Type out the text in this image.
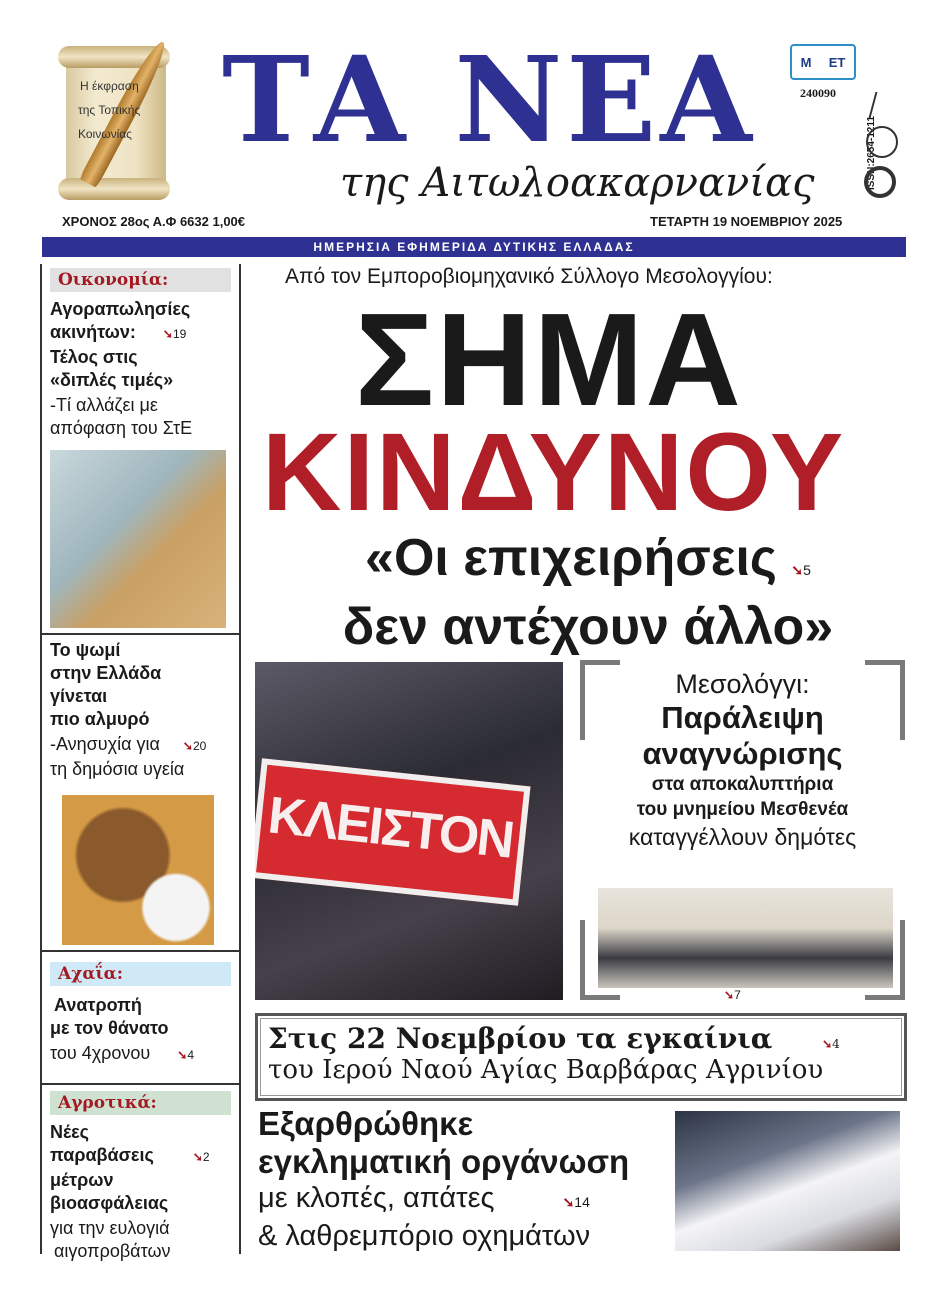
Η έκφραση
της Τοπικής
Κοινωνίας ΤΑ ΝΕΑ
της Αιτωλοακαρνανίας
M ET
240090
ISSN:2654-1211
ΧΡΟΝΟΣ 28ος Α.Φ 6632 1,00€	ΤΕΤΑΡΤΗ 19 ΝΟΕΜΒΡΙΟΥ 2025
ΗΜΕΡΗΣΙΑ ΕΦΗΜΕΡΙΔΑ ΔΥΤΙΚΗΣ ΕΛΛΑΔΑΣ
Οικονομία:
Αγοραπωλησίες
ακινήτων: ➘19
Τέλος στις
«διπλές τιμές»
-Τί αλλάζει με
απόφαση του ΣτΕ
Το ψωμί
στην Ελλάδα
γίνεται
πιο αλμυρό
-Ανησυχία για ➘20
τη δημόσια υγεία
Αχαΐα:
Ανατροπή
με τον θάνατο
του 4χρονου ➘4
Αγροτικά:
Νέες
παραβάσεις	➘2
μέτρων
βιοασφάλειας
για την ευλογιά
αιγοπροβάτων
Από τον Εμποροβιομηχανικό Σύλλογο Μεσολογγίου:
ΣΗΜΑ
ΚΙΝΔΥΝΟΥ
«Οι επιχειρήσεις ➘5
δεν αντέχουν άλλο»
ΚΛΕΙΣΤΟΝ
Μεσολόγγι:
Παράλειψη
αναγνώρισης
στα αποκαλυπτήρια
του μνημείου Μεσθενέα
καταγγέλλουν δημότες
➘7
Στις 22 Νοεμβρίου τα εγκαίνια	➘4
του Ιερού Ναού Αγίας Βαρβάρας Αγρινίου
Εξαρθρώθηκε
εγκληματική οργάνωση
με κλοπές, απάτες	➘14
& λαθρεμπόριο οχημάτων
